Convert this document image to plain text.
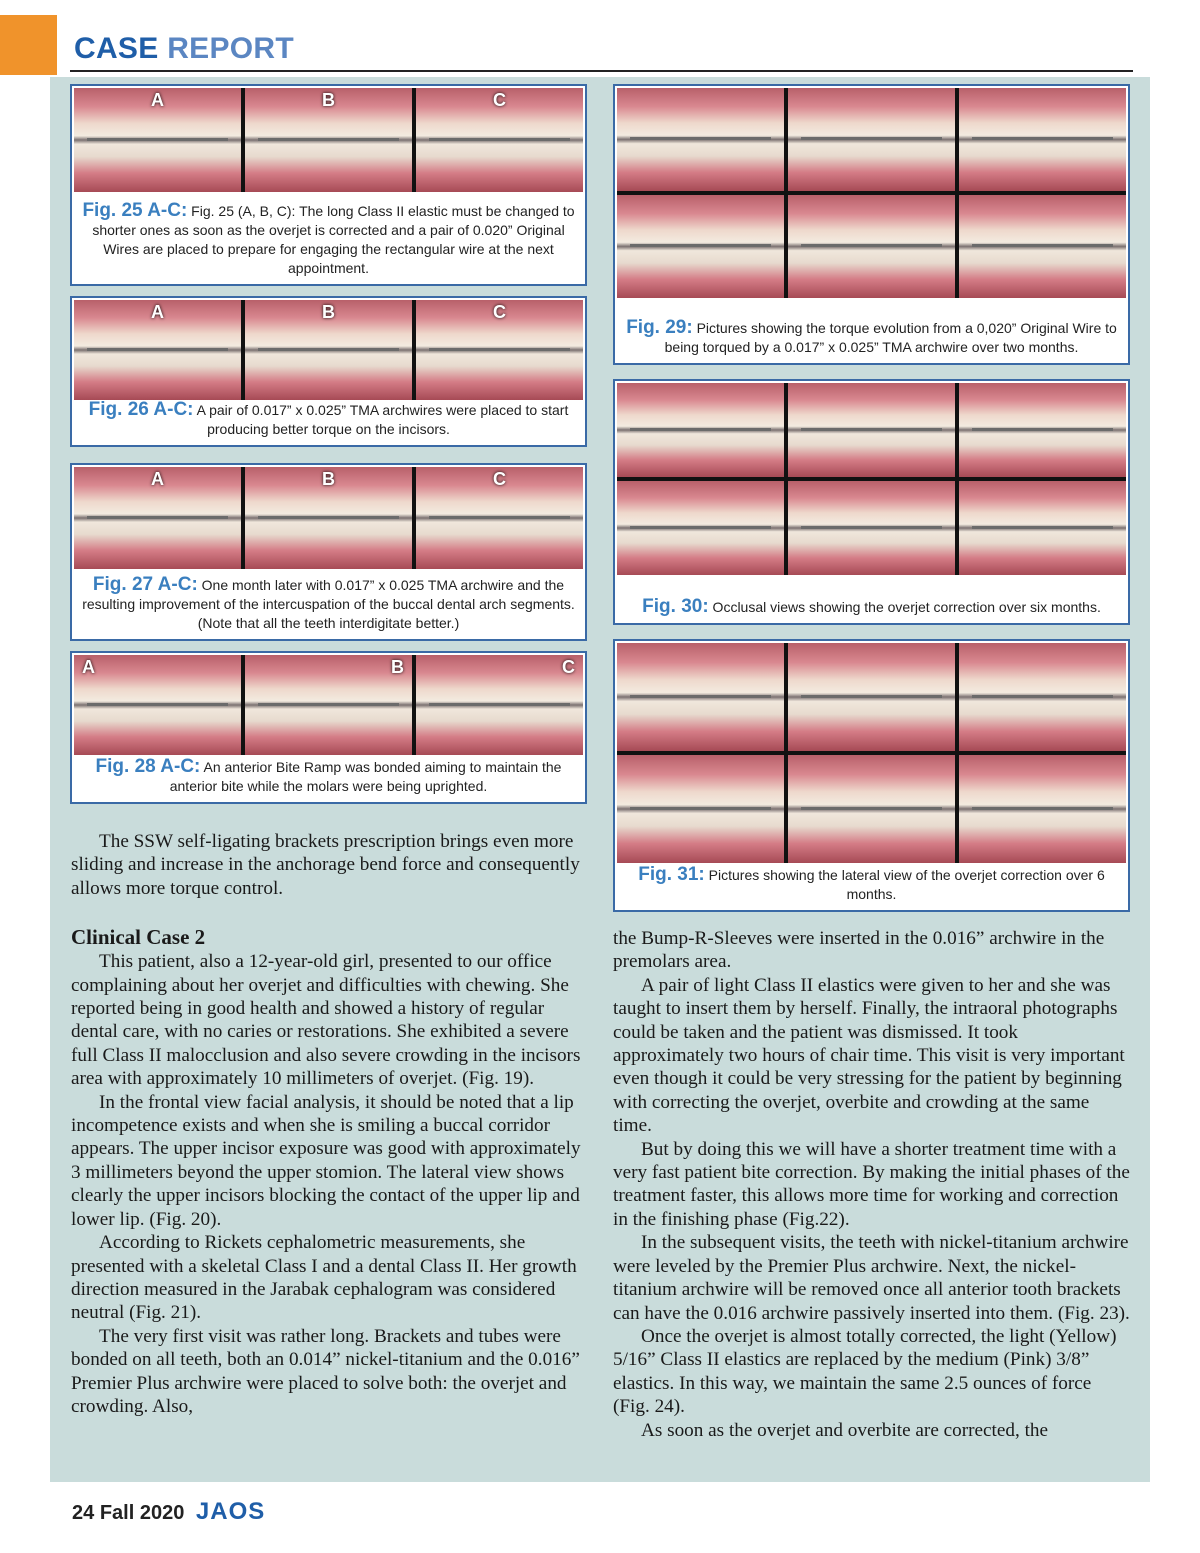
CASE REPORT
A	B	C
Fig. 25 A-C: Fig. 25 (A, B, C): The long Class II elastic must be changed to shorter ones as soon as the overjet is corrected and a pair of 0.020” Original Wires are placed to prepare for engaging the rectangular wire at the next appointment.
A	B	C
Fig. 26 A-C: A pair of 0.017” x 0.025” TMA archwires were placed to start producing better torque on the incisors.
A	B	C
Fig. 27 A-C: One month later with 0.017” x 0.025 TMA archwire and the resulting improvement of the intercuspation of the buccal dental arch segments. (Note that all the teeth interdigitate better.)
A	B	C
Fig. 28 A-C: An anterior Bite Ramp was bonded aiming to maintain the anterior bite while the molars were being uprighted.
Fig. 29: Pictures showing the torque evolution from a 0,020” Original Wire to being torqued by a 0.017” x 0.025” TMA archwire over two months.
Fig. 30: Occlusal views showing the overjet correction over six months.
Fig. 31: Pictures showing the lateral view of the overjet correction over 6 months.

The SSW self-ligating brackets prescription brings even more sliding and increase in the anchorage bend force and consequently allows more torque control.

Clinical Case 2

This patient, also a 12-year-old girl, presented to our office complaining about her overjet and difficulties with chewing. She reported being in good health and showed a history of regular dental care, with no caries or restorations. She exhibited a severe full Class II malocclusion and also severe crowding in the incisors area with approximately 10 millimeters of overjet. (Fig. 19).

In the frontal view facial analysis, it should be noted that a lip incompetence exists and when she is smiling a buccal corridor appears. The upper incisor exposure was good with approximately 3 millimeters beyond the upper stomion. The lateral view shows clearly the upper incisors blocking the contact of the upper lip and lower lip. (Fig. 20).

According to Rickets cephalometric measurements, she presented with a skeletal Class I and a dental Class II. Her growth direction measured in the Jarabak cephalogram was considered neutral (Fig. 21).

The very first visit was rather long. Brackets and tubes were bonded on all teeth, both an 0.014” nickel-titanium and the 0.016” Premier Plus archwire were placed to solve both: the overjet and crowding. Also,

the Bump-R-Sleeves were inserted in the 0.016” archwire in the premolars area.

A pair of light Class II elastics were given to her and she was taught to insert them by herself. Finally, the intraoral photographs could be taken and the patient was dismissed. It took approximately two hours of chair time. This visit is very important even though it could be very stressing for the patient by beginning with correcting the overjet, overbite and crowding at the same time.

But by doing this we will have a shorter treatment time with a very fast patient bite correction. By making the initial phases of the treatment faster, this allows more time for working and correction in the finishing phase (Fig.22).

In the subsequent visits, the teeth with nickel-titanium archwire were leveled by the Premier Plus archwire. Next, the nickel-titanium archwire will be removed once all anterior tooth brackets can have the 0.016 archwire passively inserted into them. (Fig. 23).

Once the overjet is almost totally corrected, the light (Yellow) 5/16” Class II elastics are replaced by the medium (Pink) 3/8” elastics. In this way, we maintain the same 2.5 ounces of force (Fig. 24).

As soon as the overjet and overbite are corrected, the

24 Fall 2020 JAOS
